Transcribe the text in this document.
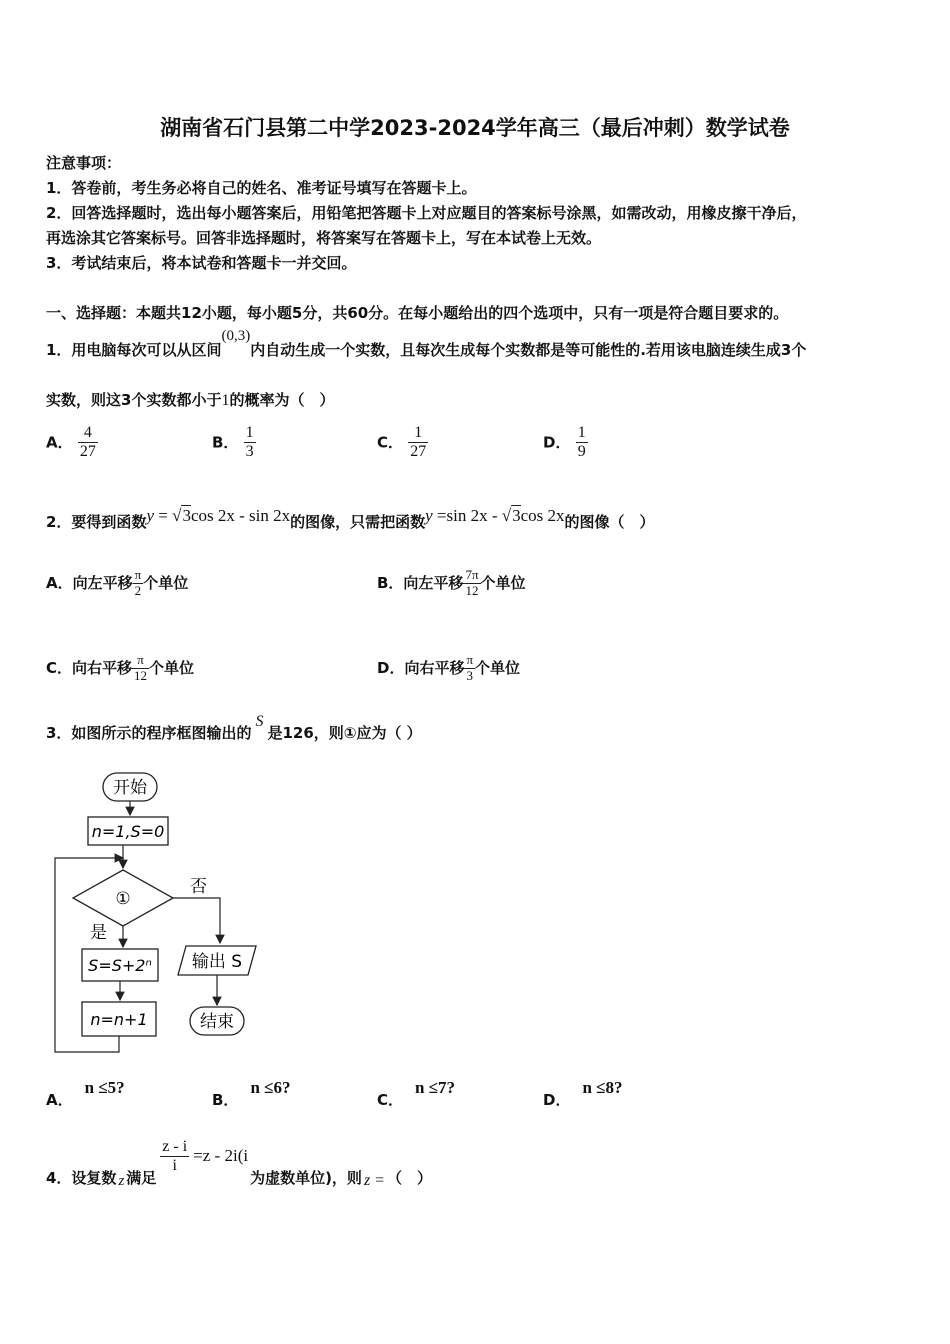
湖南省石门县第二中学2023-2024学年高三（最后冲刺）数学试卷
注意事项：
1．答卷前，考生务必将自己的姓名、准考证号填写在答题卡上。
2．回答选择题时，选出每小题答案后，用铅笔把答题卡上对应题目的答案标号涂黑，如需改动，用橡皮擦干净后，
再选涂其它答案标号。回答非选择题时，将答案写在答题卡上，写在本试卷上无效。
3．考试结束后，将本试卷和答题卡一并交回。
一、选择题：本题共12小题，每小题5分，共60分。在每小题给出的四个选项中，只有一项是符合题目要求的。
1．用电脑每次可以从区间(0,3)内自动生成一个实数，且每次生成每个实数都是等可能性的.若用该电脑连续生成3个
实数，则这3个实数都小于1的概率为（　）
A． $\frac{4}{27}$	B． $\frac{1}{3}$	C． $\frac{1}{27}$	D． $\frac{1}{9}$
2．要得到函数y = √3cos 2x - sin 2x的图像，只需把函数y =sin 2x - √3cos 2x的图像（　）
A．向左平移 $\frac{\pi}{2}$ 个单位	B．向左平移 $\frac{7\pi}{12}$ 个单位
C．向右平移 $\frac{\pi}{12}$ 个单位	D．向右平移 $\frac{\pi}{3}$ 个单位
3．如图所示的程序框图输出的S是126，则①应为（ ）
开始
n=1,S=0
①
否
是
S=S+2ⁿ
n=n+1
输出 S
结束
A．n ≤5?
B．n ≤6?
C．n ≤7?
D．n ≤8?
4．设复数 z 满足
$\frac{z - i}{i} =z - 2i(i$为虚数单位)，则 z = （　）
